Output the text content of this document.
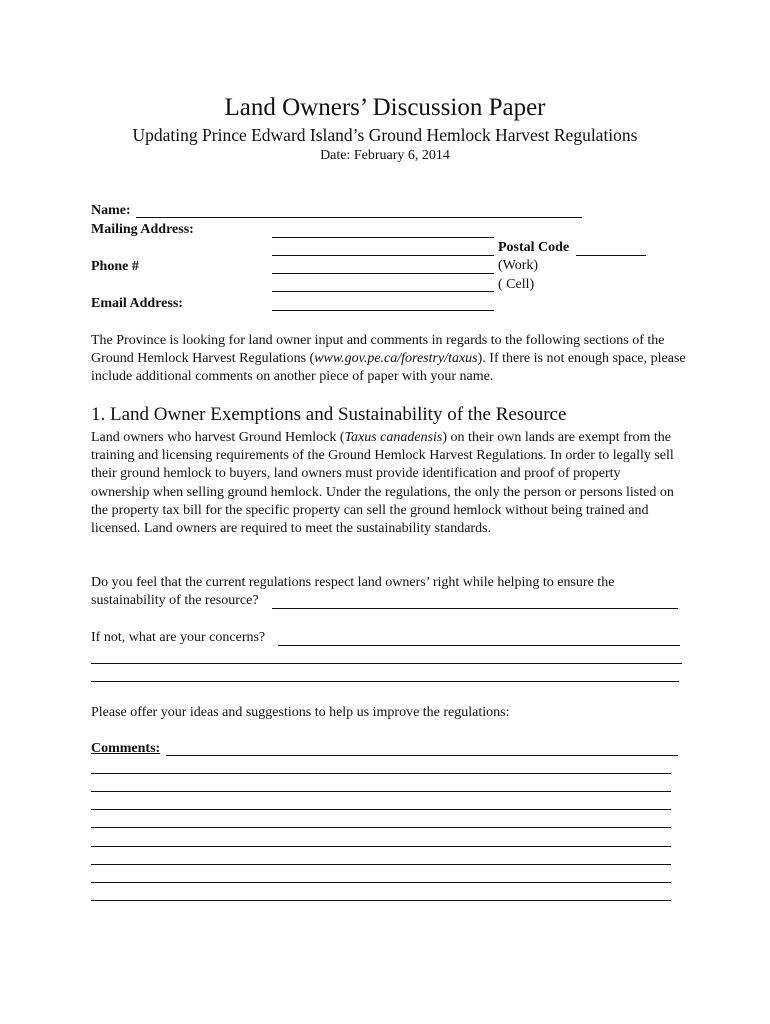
Land Owners’ Discussion Paper
Updating Prince Edward Island’s Ground Hemlock Harvest Regulations
Date: February 6, 2014
Name:
Mailing Address:
Postal Code
Phone #	(Work)
( Cell)
Email Address:
The Province is looking for land owner input and comments in regards to the following sections of the Ground Hemlock Harvest Regulations (www.gov.pe.ca/forestry/taxus). If there is not enough space, please include additional comments on another piece of paper with your name.
1. Land Owner Exemptions and Sustainability of the Resource
Land owners who harvest Ground Hemlock (Taxus canadensis) on their own lands are exempt from the training and licensing requirements of the Ground Hemlock Harvest Regulations. In order to legally sell their ground hemlock to buyers, land owners must provide identification and proof of property ownership when selling ground hemlock. Under the regulations, the only the person or persons listed on the property tax bill for the specific property can sell the ground hemlock without being trained and licensed. Land owners are required to meet the sustainability standards.
Do you feel that the current regulations respect land owners’ right while helping to ensure the
sustainability of the resource?
If not, what are your concerns?
Please offer your ideas and suggestions to help us improve the regulations:
Comments:
